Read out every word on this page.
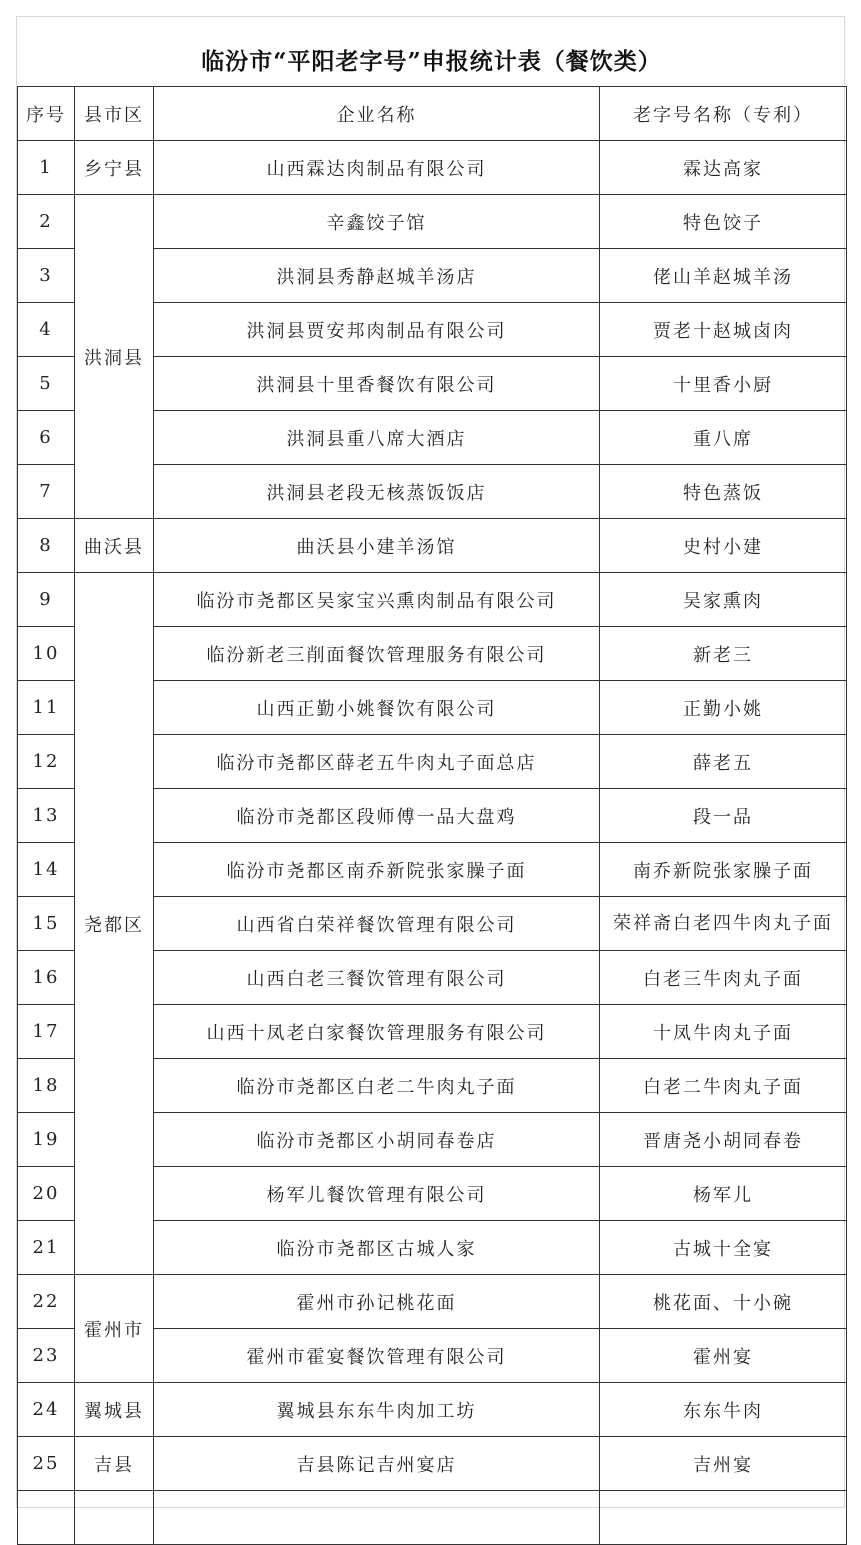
临汾市“平阳老字号”申报统计表（餐饮类）
序号	县市区	企业名称	老字号名称（专利）
1	乡宁县	山西霖达肉制品有限公司	霖达高家
2	洪洞县	辛鑫饺子馆	特色饺子
3		洪洞县秀静赵城羊汤店	佬山羊赵城羊汤
4		洪洞县贾安邦肉制品有限公司	贾老十赵城卤肉
5		洪洞县十里香餐饮有限公司	十里香小厨
6		洪洞县重八席大酒店	重八席
7		洪洞县老段无核蒸饭饭店	特色蒸饭
8	曲沃县	曲沃县小建羊汤馆	史村小建
9	尧都区	临汾市尧都区吴家宝兴熏肉制品有限公司	吴家熏肉
10		临汾新老三削面餐饮管理服务有限公司	新老三
11		山西正勤小姚餐饮有限公司	正勤小姚
12		临汾市尧都区薛老五牛肉丸子面总店	薛老五
13		临汾市尧都区段师傅一品大盘鸡	段一品
14		临汾市尧都区南乔新院张家臊子面	南乔新院张家臊子面
15		山西省白荣祥餐饮管理有限公司	荣祥斋白老四牛肉丸子面
16		山西白老三餐饮管理有限公司	白老三牛肉丸子面
17		山西十凤老白家餐饮管理服务有限公司	十凤牛肉丸子面
18		临汾市尧都区白老二牛肉丸子面	白老二牛肉丸子面
19		临汾市尧都区小胡同春卷店	晋唐尧小胡同春卷
20		杨军儿餐饮管理有限公司	杨军儿
21		临汾市尧都区古城人家	古城十全宴
22	霍州市	霍州市孙记桃花面	桃花面、十小碗
23		霍州市霍宴餐饮管理有限公司	霍州宴
24	翼城县	翼城县东东牛肉加工坊	东东牛肉
25	吉县	吉县陈记吉州宴店	吉州宴
